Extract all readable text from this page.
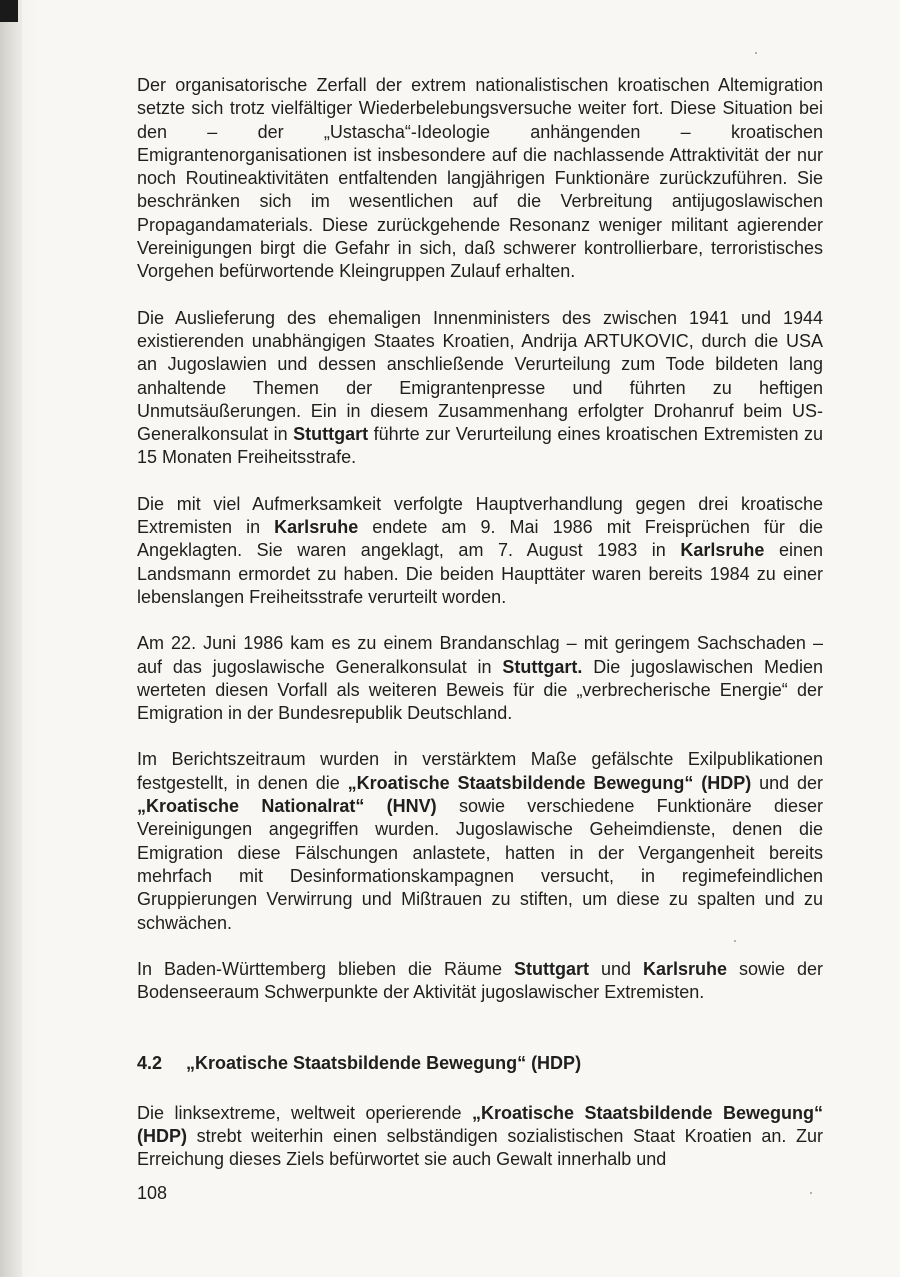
Der organisatorische Zerfall der extrem nationalistischen kroatischen Altemigration setzte sich trotz vielfältiger Wiederbelebungsversuche weiter fort. Diese Situation bei den – der „Ustascha“-Ideologie anhängenden – kroatischen Emigrantenorganisationen ist insbesondere auf die nachlassende Attraktivität der nur noch Routineaktivitäten entfaltenden langjährigen Funktionäre zurückzuführen. Sie beschränken sich im wesentlichen auf die Verbreitung antijugoslawischen Propagandamaterials. Diese zurückgehende Resonanz weniger militant agierender Vereinigungen birgt die Gefahr in sich, daß schwerer kontrollierbare, terroristisches Vorgehen befürwortende Kleingruppen Zulauf erhalten.

Die Auslieferung des ehemaligen Innenministers des zwischen 1941 und 1944 existierenden unabhängigen Staates Kroatien, Andrija ARTUKOVIC, durch die USA an Jugoslawien und dessen anschließende Verurteilung zum Tode bildeten lang anhaltende Themen der Emigrantenpresse und führten zu heftigen Unmutsäußerungen. Ein in diesem Zusammenhang erfolgter Drohanruf beim US-Generalkonsulat in Stuttgart führte zur Verurteilung eines kroatischen Extremisten zu 15 Monaten Freiheitsstrafe.

Die mit viel Aufmerksamkeit verfolgte Hauptverhandlung gegen drei kroatische Extremisten in Karlsruhe endete am 9. Mai 1986 mit Freisprüchen für die Angeklagten. Sie waren angeklagt, am 7. August 1983 in Karlsruhe einen Landsmann ermordet zu haben. Die beiden Haupttäter waren bereits 1984 zu einer lebenslangen Freiheitsstrafe verurteilt worden.

Am 22. Juni 1986 kam es zu einem Brandanschlag – mit geringem Sachschaden – auf das jugoslawische Generalkonsulat in Stuttgart. Die jugoslawischen Medien werteten diesen Vorfall als weiteren Beweis für die „verbrecherische Energie“ der Emigration in der Bundesrepublik Deutschland.

Im Berichtszeitraum wurden in verstärktem Maße gefälschte Exilpublikationen festgestellt, in denen die „Kroatische Staatsbildende Bewegung“ (HDP) und der „Kroatische Nationalrat“ (HNV) sowie verschiedene Funktionäre dieser Vereinigungen angegriffen wurden. Jugoslawische Geheimdienste, denen die Emigration diese Fälschungen anlastete, hatten in der Vergangenheit bereits mehrfach mit Desinformationskampagnen versucht, in regimefeindlichen Gruppierungen Verwirrung und Mißtrauen zu stiften, um diese zu spalten und zu schwächen.

In Baden-Württemberg blieben die Räume Stuttgart und Karlsruhe sowie der Bodenseeraum Schwerpunkte der Aktivität jugoslawischer Extremisten.

4.2 „Kroatische Staatsbildende Bewegung“ (HDP)

Die linksextreme, weltweit operierende „Kroatische Staatsbildende Bewegung“ (HDP) strebt weiterhin einen selbständigen sozialistischen Staat Kroatien an. Zur Erreichung dieses Ziels befürwortet sie auch Gewalt innerhalb und

108
